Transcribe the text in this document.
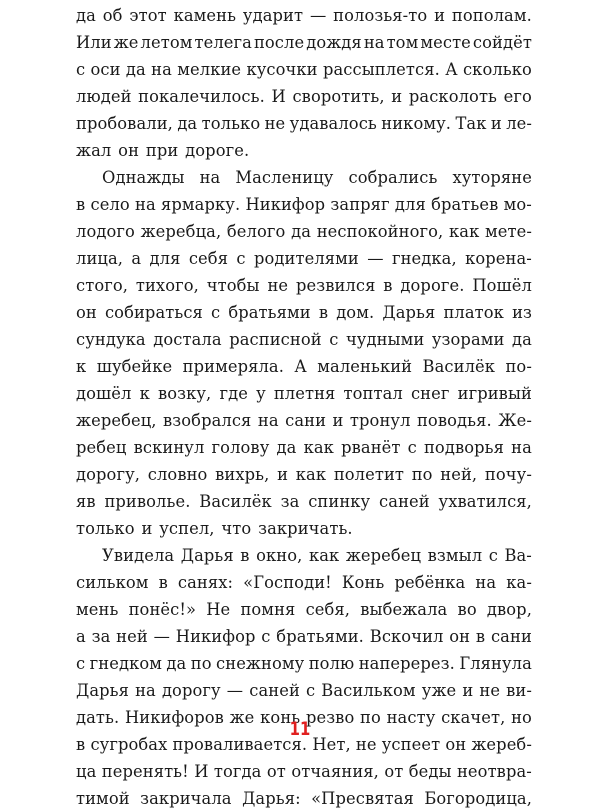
да об этот камень ударит — полозья-то и пополам.
Или же летом телега после дождя на том месте сойдёт
с оси да на мелкие кусочки рассыплется. А сколько
людей покалечилось. И своротить, и расколоть его
пробовали, да только не удавалось никому. Так и ле-
жал он при дороге.
Однажды на Масленицу собрались хуторяне
в село на ярмарку. Никифор запряг для братьев мо-
лодого жеребца, белого да неспокойного, как мете-
лица, а для себя с родителями — гнедка, корена-
стого, тихого, чтобы не резвился в дороге. Пошёл
он собираться с братьями в дом. Дарья платок из
сундука достала расписной с чудными узорами да
к шубейке примеряла. А маленький Василёк по-
дошёл к возку, где у плетня топтал снег игривый
жеребец, взобрался на сани и тронул поводья. Же-
ребец вскинул голову да как рванёт с подворья на
дорогу, словно вихрь, и как полетит по ней, почу-
яв приволье. Василёк за спинку саней ухватился,
только и успел, что закричать.
Увидела Дарья в окно, как жеребец взмыл с Ва-
сильком в санях: «Господи! Конь ребёнка на ка-
мень понёс!» Не помня себя, выбежала во двор,
а за ней — Никифор с братьями. Вскочил он в сани
с гнедком да по снежному полю наперерез. Глянула
Дарья на дорогу — саней с Васильком уже и не ви-
дать. Никифоров же конь резво по насту скачет, но
в сугробах проваливается. Нет, не успеет он жереб-
ца перенять! И тогда от отчаяния, от беды неотвра-
тимой закричала Дарья: «Пресвятая Богородица,
11
